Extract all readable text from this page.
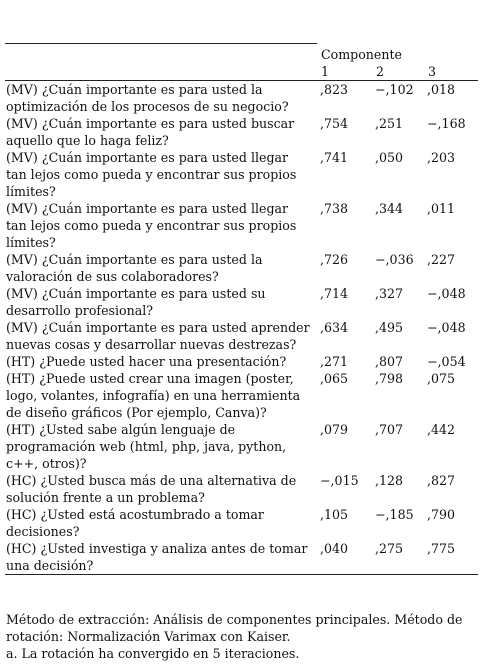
	Componente		
	1	2	3
(MV) ¿Cuán importante es para usted la optimización de los procesos de su negocio?	,823	−,102	,018
(MV) ¿Cuán importante es para usted buscar aquello que lo haga feliz?	,754	,251	−,168
(MV) ¿Cuán importante es para usted llegar tan lejos como pueda y encontrar sus propios límites?	,741	,050	,203
(MV) ¿Cuán importante es para usted llegar tan lejos como pueda y encontrar sus propios límites?	,738	,344	,011
(MV) ¿Cuán importante es para usted la valoración de sus colaboradores?	,726	−,036	,227
(MV) ¿Cuán importante es para usted su desarrollo profesional?	,714	,327	−,048
(MV) ¿Cuán importante es para usted aprender nuevas cosas y desarrollar nuevas destrezas?	,634	,495	−,048
(HT) ¿Puede usted hacer una presentación?	,271	,807	−,054
(HT) ¿Puede usted crear una imagen (poster, logo, volantes, infografía) en una herramienta de diseño gráficos (Por ejemplo, Canva)?	,065	,798	,075
(HT) ¿Usted sabe algún lenguaje de programación web (html, php, java, python, c++, otros)?	,079	,707	,442
(HC) ¿Usted busca más de una alternativa de solución frente a un problema?	−,015	,128	,827
(HC) ¿Usted está acostumbrado a tomar decisiones?	,105	−,185	,790
(HC) ¿Usted investiga y analiza antes de tomar una decisión?	,040	,275	,775

Método de extracción: Análisis de componentes principales. Método de rotación: Normalización Varimax con Kaiser.

a. La rotación ha convergido en 5 iteraciones.
